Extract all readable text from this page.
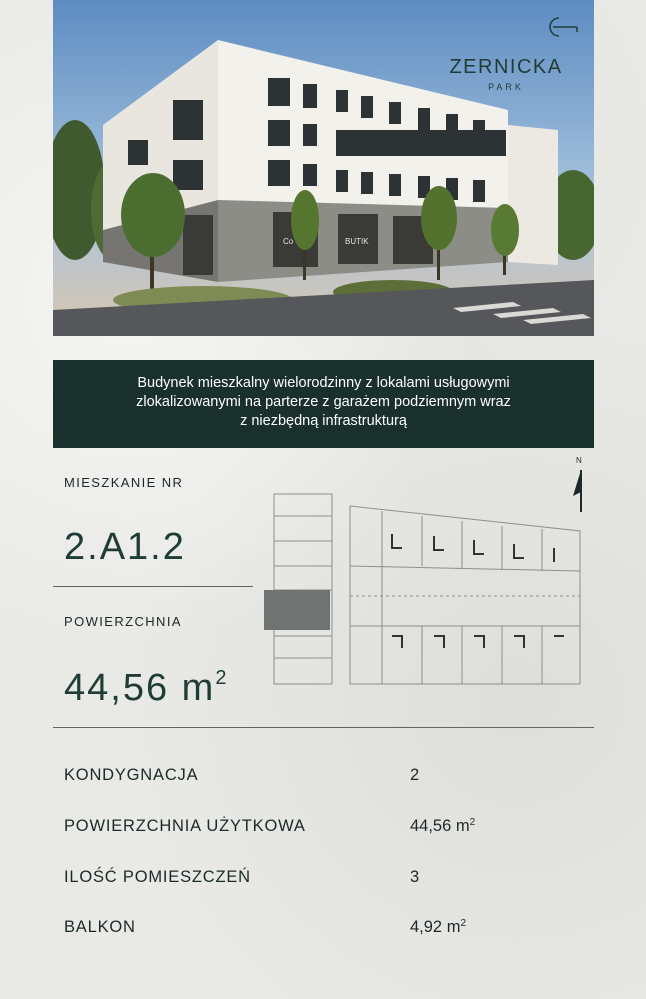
Co	BUTIK
ZERNICKA
PARK
Budynek mieszkalny wielorodzinny z lokalami usługowymi
zlokalizowanymi na parterze z garażem podziemnym wraz
z niezbędną infrastrukturą
MIESZKANIE NR
2.A1.2
POWIERZCHNIA
44,56 $m^2$
N
KONDYGNACJA	2
POWIERZCHNIA UŻYTKOWA	44,56 $m^2$
ILOŚĆ POMIESZCZEŃ	3
BALKON	4,92 $m^2$
